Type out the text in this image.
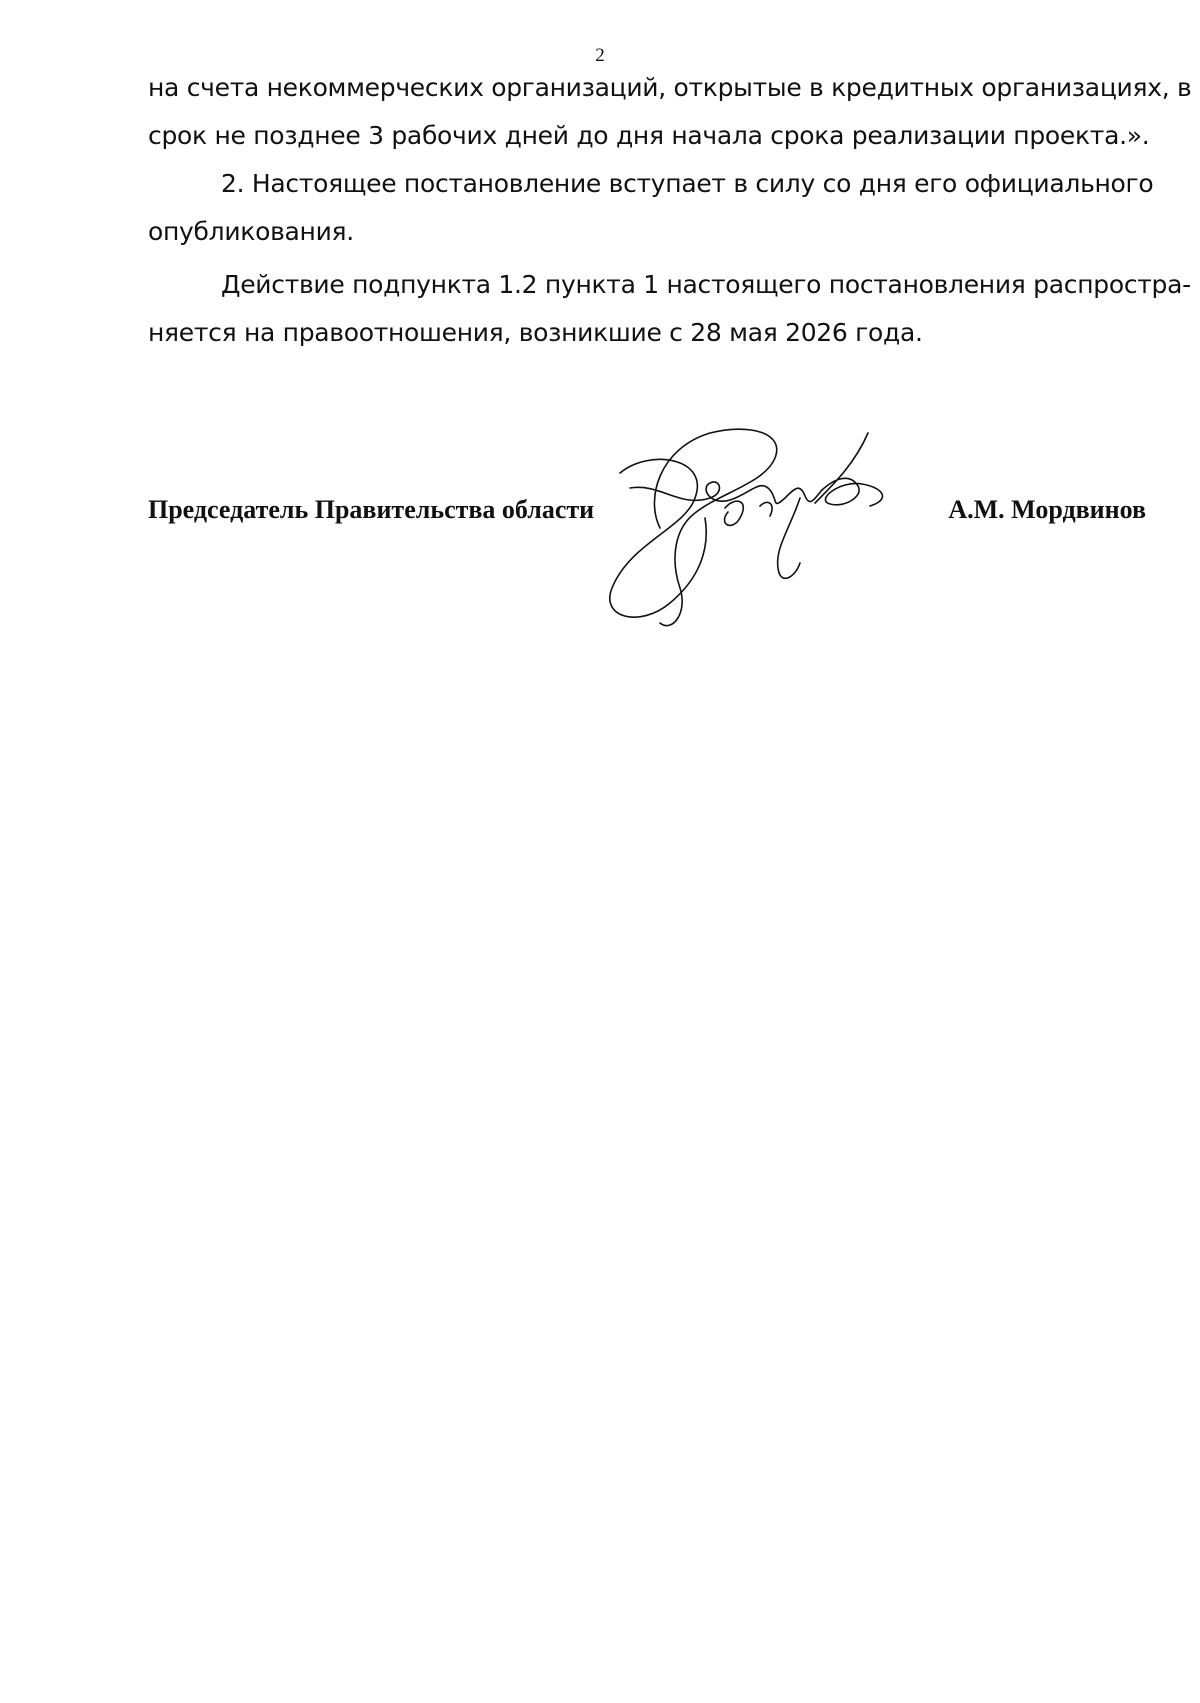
2
на счета некоммерческих организаций, открытые в кредитных организациях, в
срок не позднее 3 рабочих дней до дня начала срока реализации проекта.».
2. Настоящее постановление вступает в силу со дня его официального
опубликования.
Действие подпункта 1.2 пункта 1 настоящего постановления распростра-
няется на правоотношения, возникшие с 28 мая 2026 года.
Председатель Правительства области	А.М. Мордвинов
